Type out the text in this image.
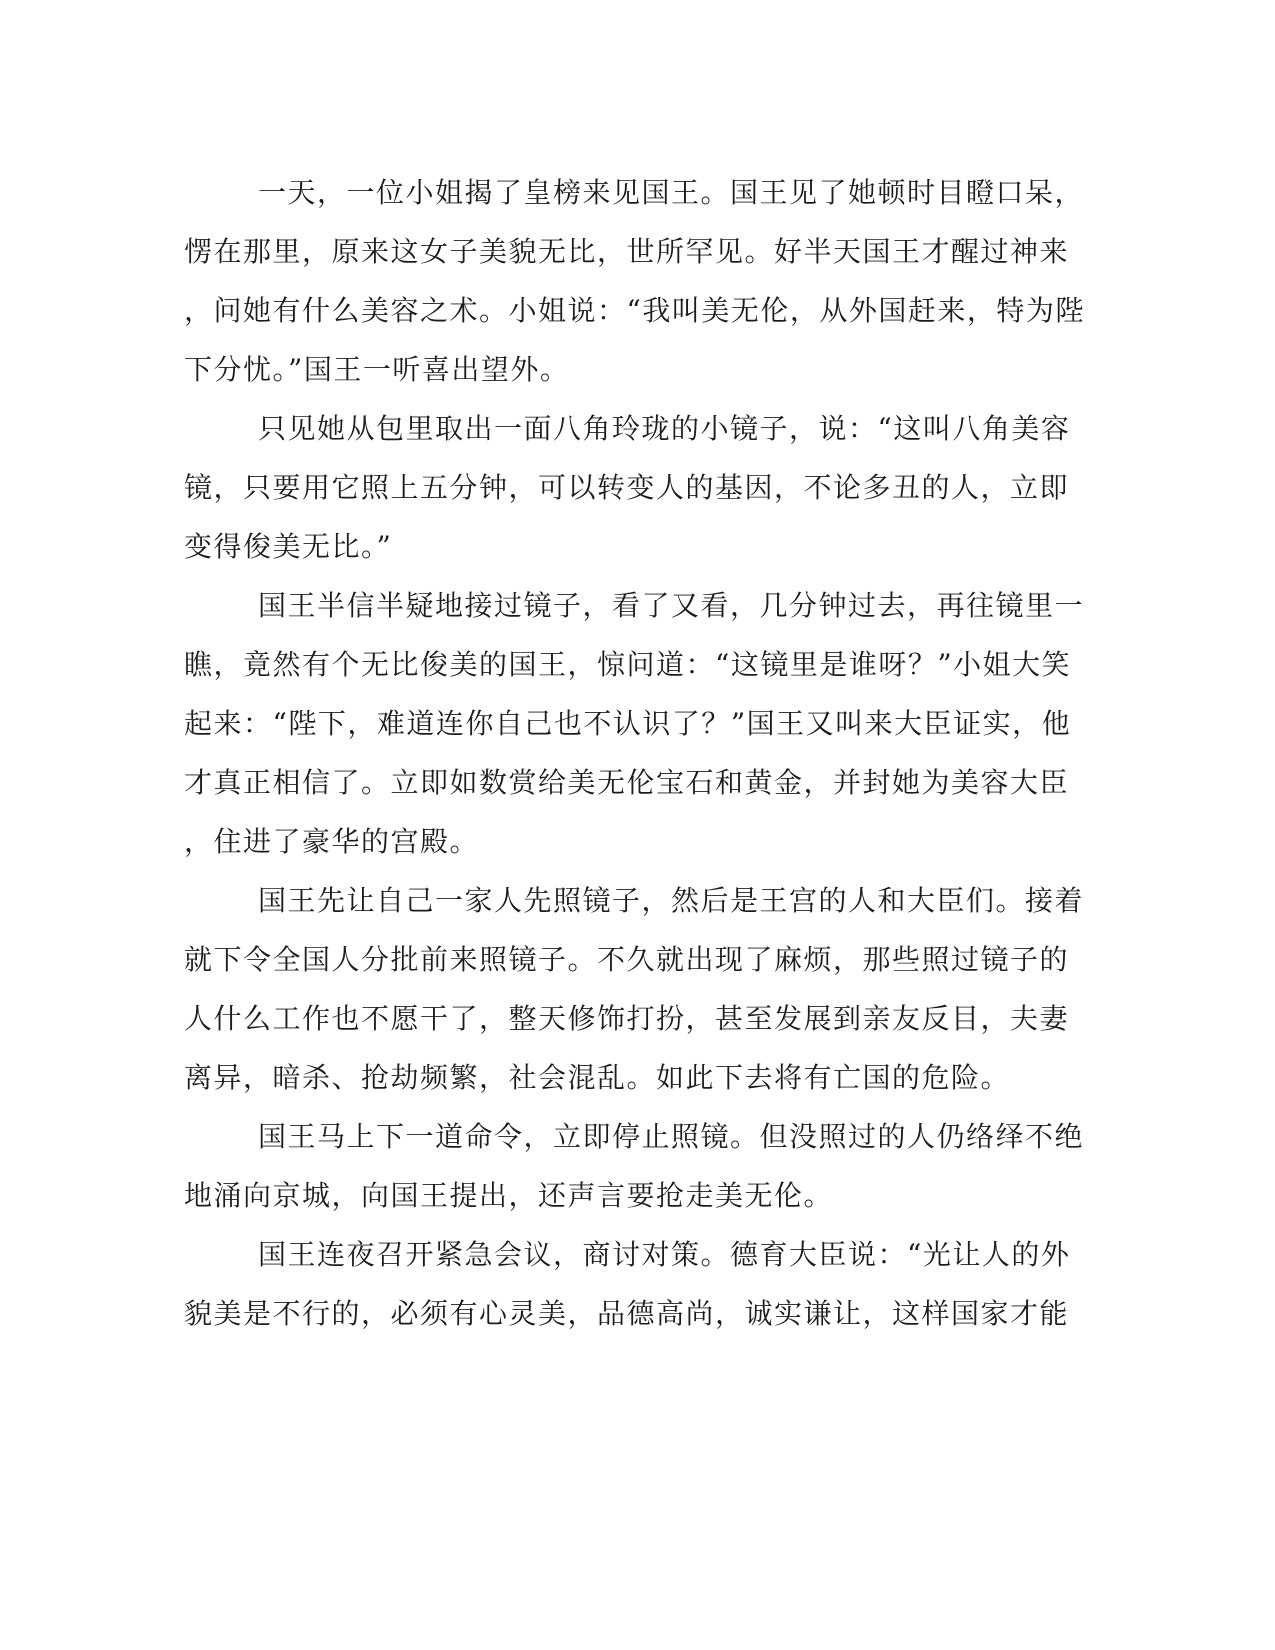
一天，一位小姐揭了皇榜来见国王。国王见了她顿时目瞪口呆，
愣在那里，原来这女子美貌无比，世所罕见。好半天国王才醒过神来
，问她有什么美容之术。小姐说：“我叫美无伦，从外国赶来，特为陛
下分忧。”国王一听喜出望外。
只见她从包里取出一面八角玲珑的小镜子，说：“这叫八角美容
镜，只要用它照上五分钟，可以转变人的基因，不论多丑的人，立即
变得俊美无比。”
国王半信半疑地接过镜子，看了又看，几分钟过去，再往镜里一
瞧，竟然有个无比俊美的国王，惊问道：“这镜里是谁呀？”小姐大笑
起来：“陛下，难道连你自己也不认识了？”国王又叫来大臣证实，他
才真正相信了。立即如数赏给美无伦宝石和黄金，并封她为美容大臣
，住进了豪华的宫殿。
国王先让自己一家人先照镜子，然后是王宫的人和大臣们。接着
就下令全国人分批前来照镜子。不久就出现了麻烦，那些照过镜子的
人什么工作也不愿干了，整天修饰打扮，甚至发展到亲友反目，夫妻
离异，暗杀、抢劫频繁，社会混乱。如此下去将有亡国的危险。
国王马上下一道命令，立即停止照镜。但没照过的人仍络绎不绝
地涌向京城，向国王提出，还声言要抢走美无伦。
国王连夜召开紧急会议，商讨对策。德育大臣说：“光让人的外
貌美是不行的，必须有心灵美，品德高尚，诚实谦让，这样国家才能
